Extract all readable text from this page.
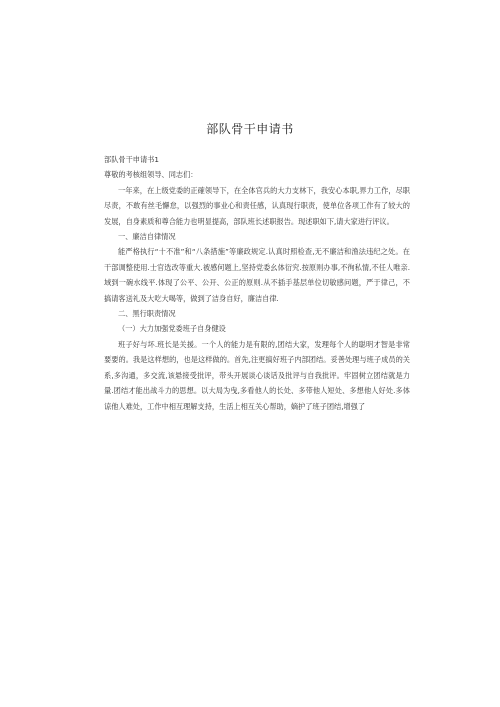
部队骨干申请书

部队骨干申请书1

尊敬的考核组领导、同志们：

一年来，在上级党委的正確领导下，在全体官兵的大力支林下，我安心本职,界力工作，尽职尽责，不敢有丝毛懈怠，以强烈的事业心和责任感，认真现行职责，使单位各项工作有了较大的发展，自身素质和尊合能力也明显提高，部队班长述职报告。现述职如下,请大家进行评议。

一、廉洁自律情况

能严格执行“十不准”和“八条措施”等廉政规定.认真时照检查,无不廉洁和渔法违纪之处。在干部调整使用.士官选改等重大.被感何题上,坚持党委幺体衍究.按原则办事,不徇私情,不任人唯亲.域到一碗水线平.体现了公平、公开、公正的原则.从不插手基层单位切敏感问题，严于律己，不搞请客送礼及大吃大喝等，做到了洁身自好，廉洁自律.

二、黑行职责情况

（一）大力加强党委班子自身健设

班子好与坏.班长是关援。一个人的能力是有限的,团结大家，发理每个人的聪明才智是非常要要的。我是这样想的，也是这样做的。首先,注更搞好班子内部团结。妥善处理与班子成员的关系,多沟通，多交流,该悬接受批评，带头开展谈心谈话及批评与自我批评。牢固树立团结就是力量.团结才能出战斗力的思想。以大局为曳,多看他人的长处、多带他人短处、多想他人好处.多体谅他人难处，工作中相互理解支持，生活上相互关心帮助，嫡护了班子团结,增强了
